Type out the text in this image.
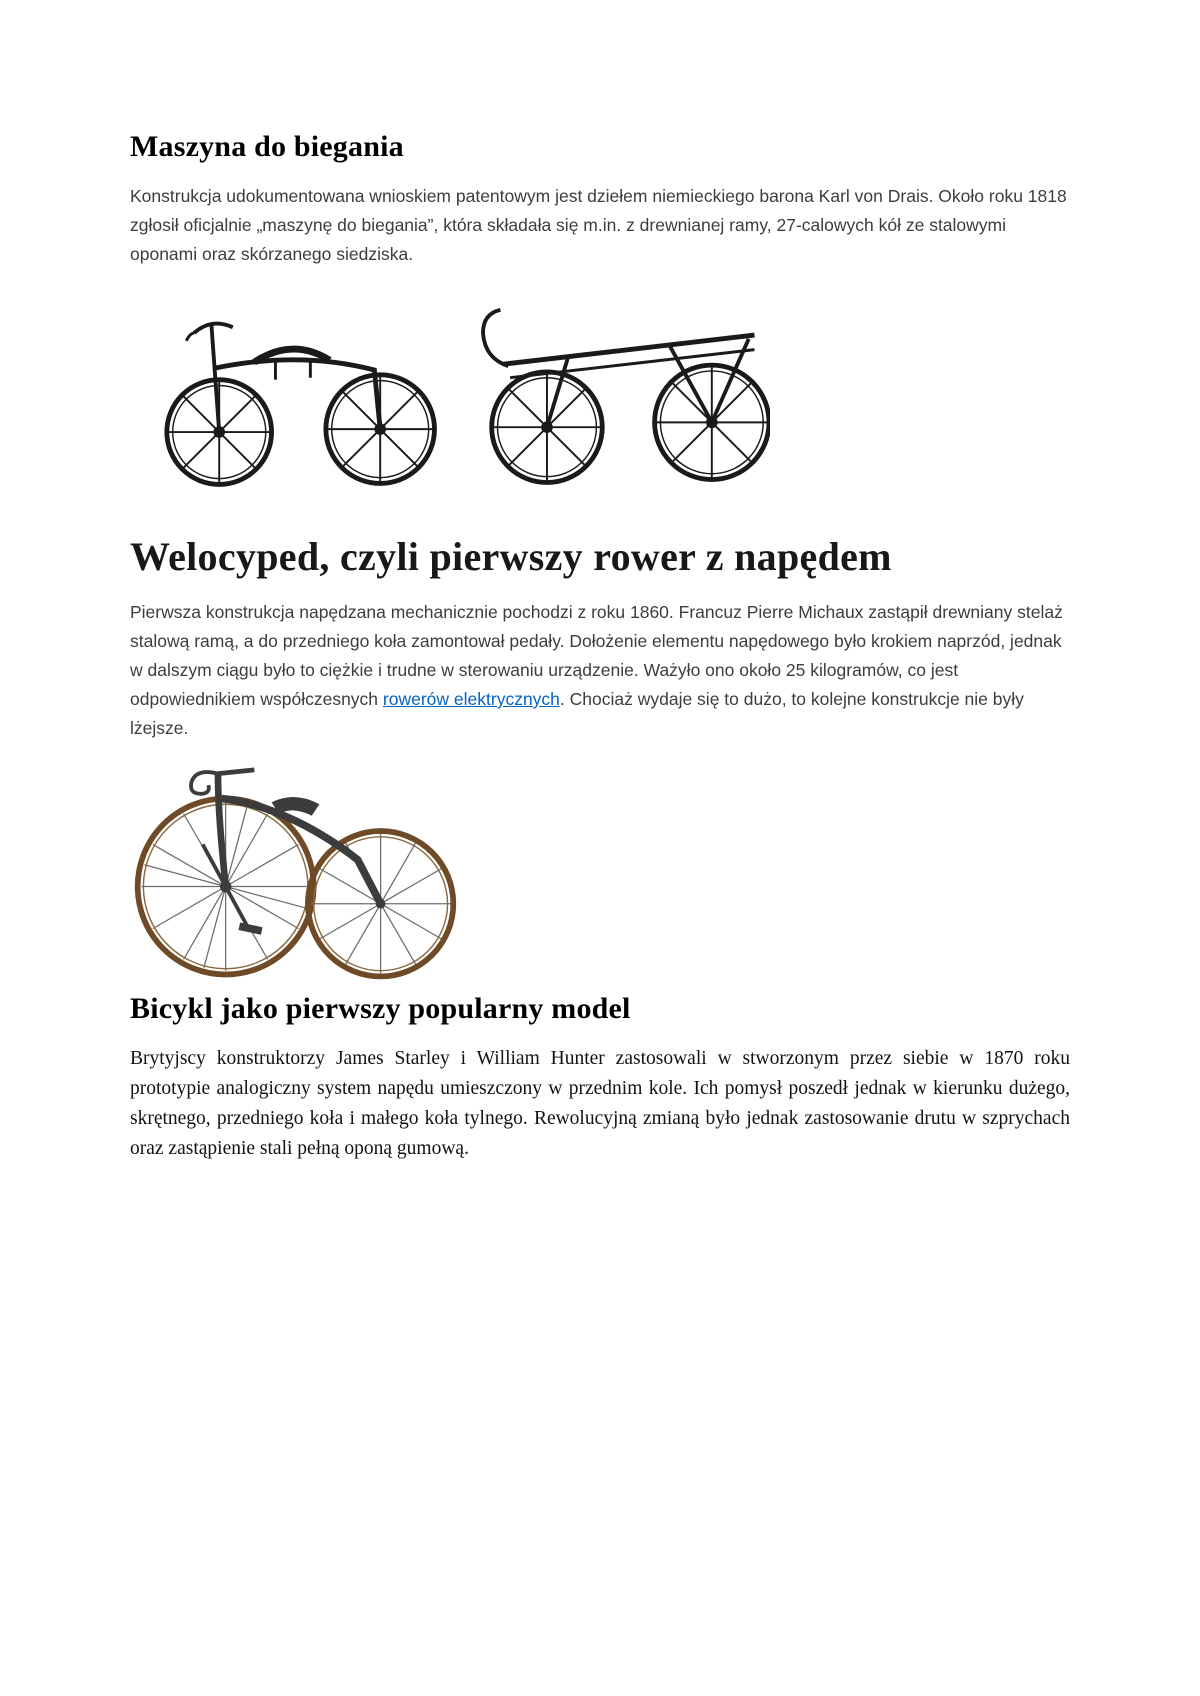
Maszyna do biegania

Konstrukcja udokumentowana wnioskiem patentowym jest dziełem niemieckiego barona Karl von Drais. Około roku 1818 zgłosił oficjalnie „maszynę do biegania”, która składała się m.in. z drewnianej ramy, 27-calowych kół ze stalowymi oponami oraz skórzanego siedziska.

Welocyped, czyli pierwszy rower z napędem

Pierwsza konstrukcja napędzana mechanicznie pochodzi z roku 1860. Francuz Pierre Michaux zastąpił drewniany stelaż stalową ramą, a do przedniego koła zamontował pedały. Dołożenie elementu napędowego było krokiem naprzód, jednak w dalszym ciągu było to ciężkie i trudne w sterowaniu urządzenie. Ważyło ono około 25 kilogramów, co jest odpowiednikiem współczesnych rowerów elektrycznych. Chociaż wydaje się to dużo, to kolejne konstrukcje nie były lżejsze.

Bicykl jako pierwszy popularny model

Brytyjscy konstruktorzy James Starley i William Hunter zastosowali w stworzonym przez siebie w 1870 roku prototypie analogiczny system napędu umieszczony w przednim kole. Ich pomysł poszedł jednak w kierunku dużego, skrętnego, przedniego koła i małego koła tylnego. Rewolucyjną zmianą było jednak zastosowanie drutu w szprychach oraz zastąpienie stali pełną oponą gumową.
